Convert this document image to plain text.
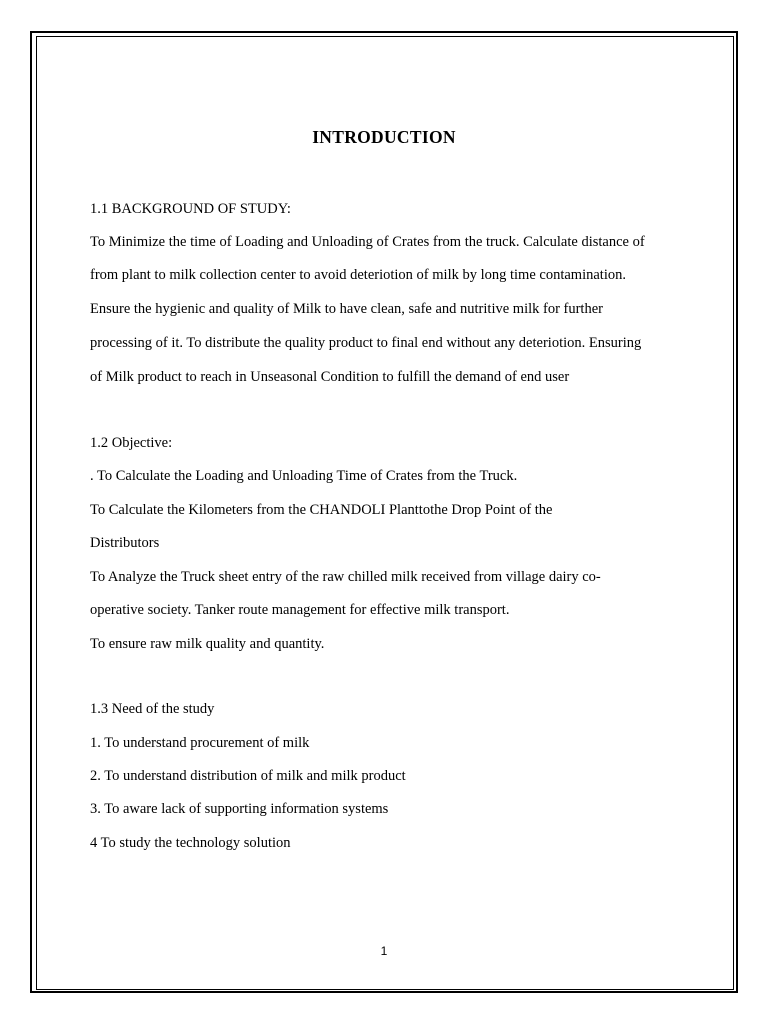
INTRODUCTION

1.1 BACKGROUND OF STUDY:

To Minimize the time of Loading and Unloading of Crates from the truck. Calculate distance of

from plant to milk collection center to avoid deteriotion of milk by long time contamination.

Ensure the hygienic and quality of Milk to have clean, safe and nutritive milk for further

processing of it. To distribute the quality product to final end without any deteriotion. Ensuring

of Milk product to reach in Unseasonal Condition to fulfill the demand of end user

1.2 Objective:

. To Calculate the Loading and Unloading Time of Crates from the Truck.

To Calculate the Kilometers from the CHANDOLI Planttothe Drop Point of the

Distributors

To Analyze the Truck sheet entry of the raw chilled milk received from village dairy co-

operative society. Tanker route management for effective milk transport.

To ensure raw milk quality and quantity.

1.3 Need of the study

1. To understand procurement of milk

2. To understand distribution of milk and milk product

3. To aware lack of supporting information systems

4 To study the technology solution

1
